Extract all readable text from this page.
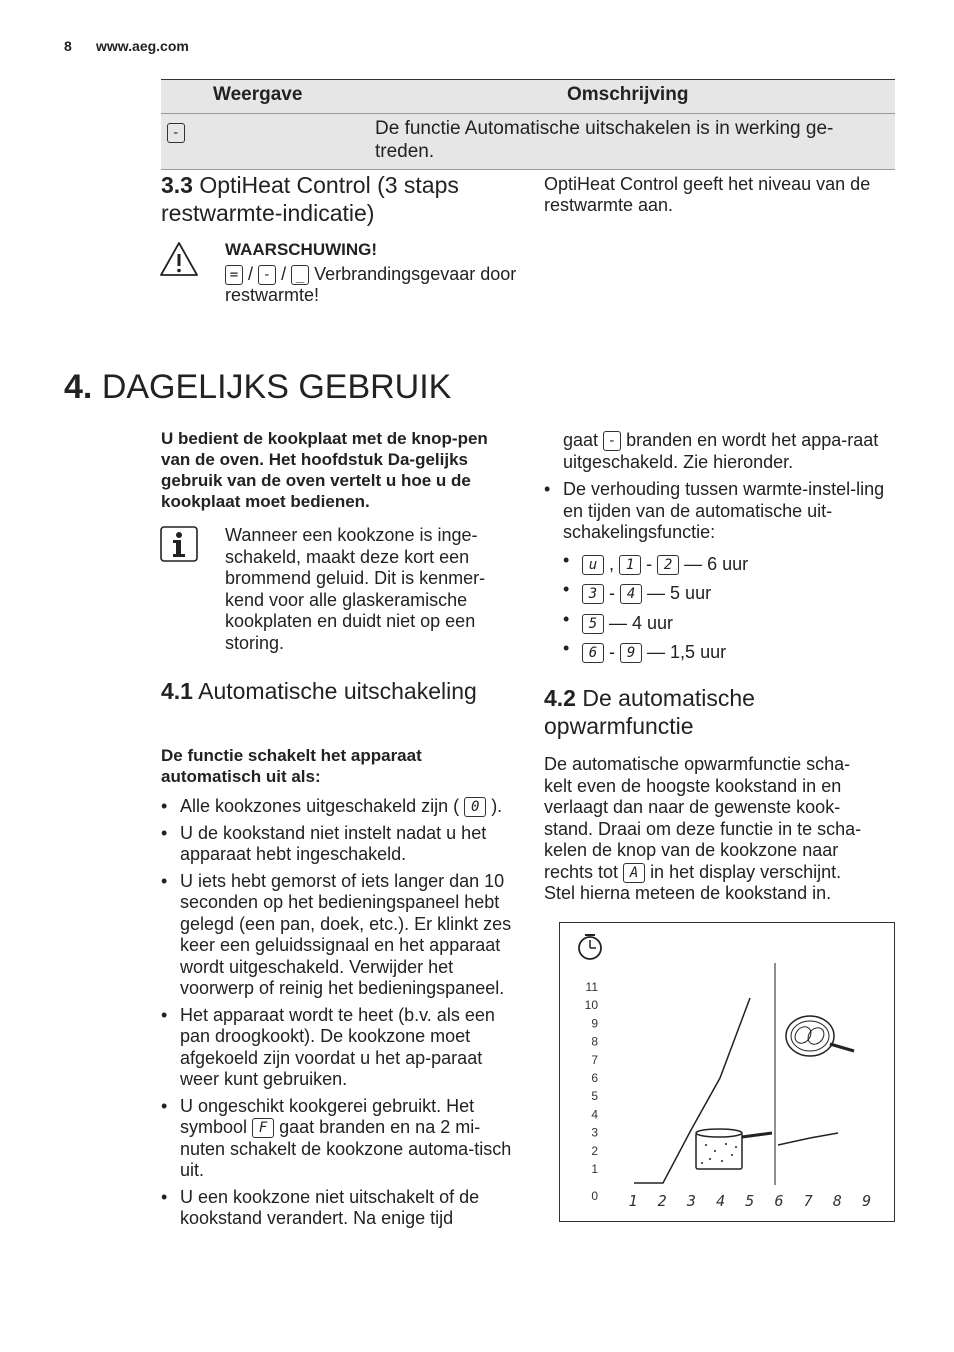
8 www.aeg.com
Weergave	Omschrijving
-	De functie Automatische uitschakelen is in werking ge-treden.
3.3 OptiHeat Control (3 staps restwarmte-indicatie)
OptiHeat Control geeft het niveau van de restwarmte aan.
WAARSCHUWING!
= / - / _ Verbrandingsgevaar door restwarmte!
4. DAGELIJKS GEBRUIK
U bedient de kookplaat met de knop-pen van de oven. Het hoofdstuk Da-gelijks gebruik van de oven vertelt u hoe u de kookplaat moet bedienen.
Wanneer een kookzone is inge-schakeld, maakt deze kort een brommend geluid. Dit is kenmer-kend voor alle glaskeramische kookplaten en duidt niet op een storing.
4.1 Automatische uitschakeling
De functie schakelt het apparaat automatisch uit als:
• Alle kookzones uitgeschakeld zijn ( 0 ).
• U de kookstand niet instelt nadat u het apparaat hebt ingeschakeld.
• U iets hebt gemorst of iets langer dan 10 seconden op het bedieningspaneel hebt gelegd (een pan, doek, etc.). Er klinkt zes keer een geluidssignaal en het apparaat wordt uitgeschakeld. Verwijder het voorwerp of reinig het bedieningspaneel.
• Het apparaat wordt te heet (b.v. als een pan droogkookt). De kookzone moet afgekoeld zijn voordat u het ap-paraat weer kunt gebruiken.
• U ongeschikt kookgerei gebruikt. Het symbool F gaat branden en na 2 mi-nuten schakelt de kookzone automa-tisch uit.
• U een kookzone niet uitschakelt of de kookstand verandert. Na enige tijd
gaat - branden en wordt het appa-raat uitgeschakeld. Zie hieronder.
• De verhouding tussen warmte-instel-ling en tijden van de automatische uit-schakelingsfunctie:
• u , 1 - 2 — 6 uur
• 3 - 4 — 5 uur
• 5 — 4 uur
• 6 - 9 — 1,5 uur
4.2 De automatische opwarmfunctie
De automatische opwarmfunctie scha-kelt even de hoogste kookstand in en verlaagt dan naar de gewenste kook-stand. Draai om deze functie in te scha-kelen de knop van de kookzone naar rechts tot A in het display verschijnt. Stel hierna meteen de kookstand in.
0
1
2
3
4
5
6
7
8
9
10
11
1 2 3 4 5 6 7 8 9
